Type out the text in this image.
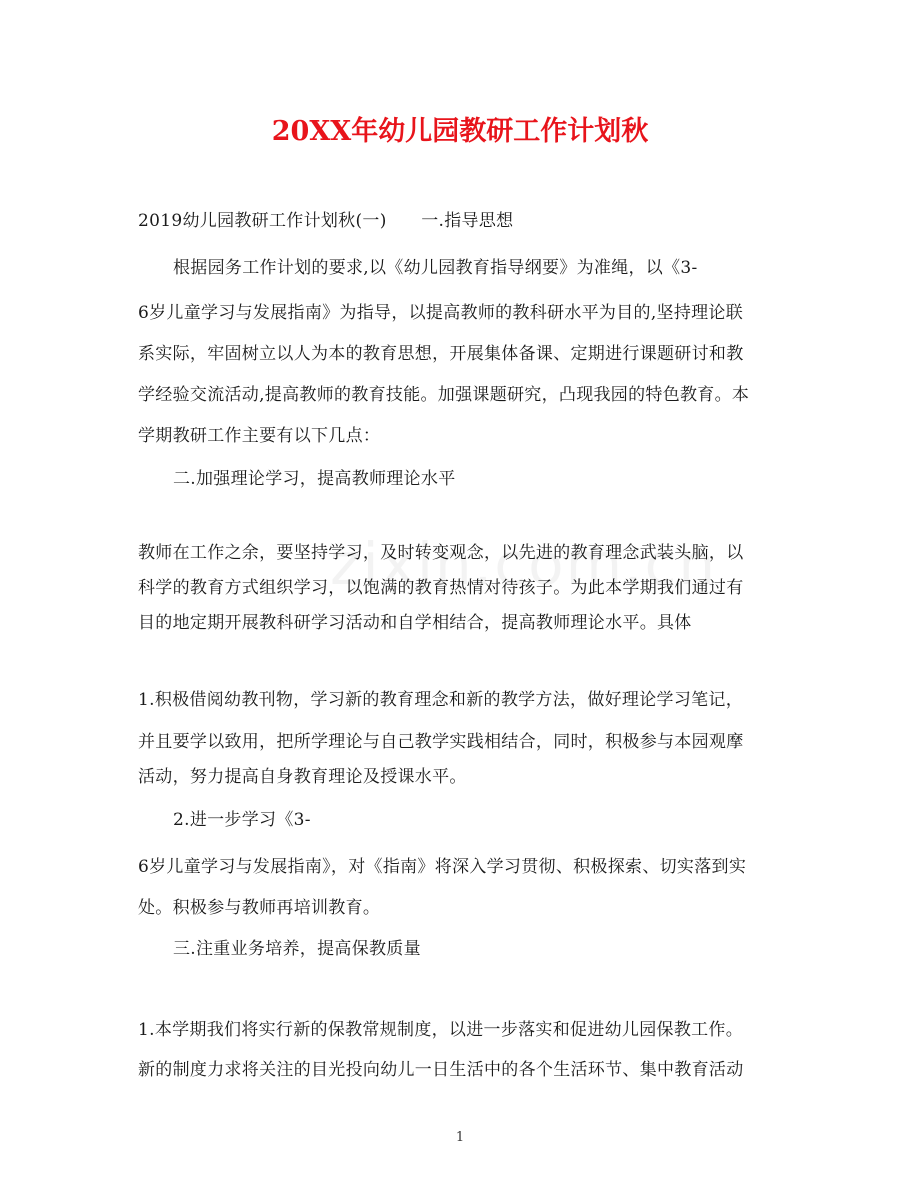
20XX年幼儿园教研工作计划秋
2019幼儿园教研工作计划秋(一)　　一.指导思想
根据园务工作计划的要求,以《幼儿园教育指导纲要》为准绳，以《3-
6岁儿童学习与发展指南》为指导，以提高教师的教科研水平为目的,坚持理论联
系实际，牢固树立以人为本的教育思想，开展集体备课、定期进行课题研讨和教
学经验交流活动,提高教师的教育技能。加强课题研究，凸现我园的特色教育。本
学期教研工作主要有以下几点：
二.加强理论学习，提高教师理论水平
教师在工作之余，要坚持学习，及时转变观念，以先进的教育理念武装头脑，以
科学的教育方式组织学习，以饱满的教育热情对待孩子。为此本学期我们通过有
目的地定期开展教科研学习活动和自学相结合，提高教师理论水平。具体
1.积极借阅幼教刊物，学习新的教育理念和新的教学方法，做好理论学习笔记，
并且要学以致用，把所学理论与自己教学实践相结合，同时，积极参与本园观摩
活动，努力提高自身教育理论及授课水平。
2.进一步学习《3-
6岁儿童学习与发展指南》，对《指南》将深入学习贯彻、积极探索、切实落到实
处。积极参与教师再培训教育。
三.注重业务培养，提高保教质量
1.本学期我们将实行新的保教常规制度，以进一步落实和促进幼儿园保教工作。
新的制度力求将关注的目光投向幼儿一日生活中的各个生活环节、集中教育活动
1
